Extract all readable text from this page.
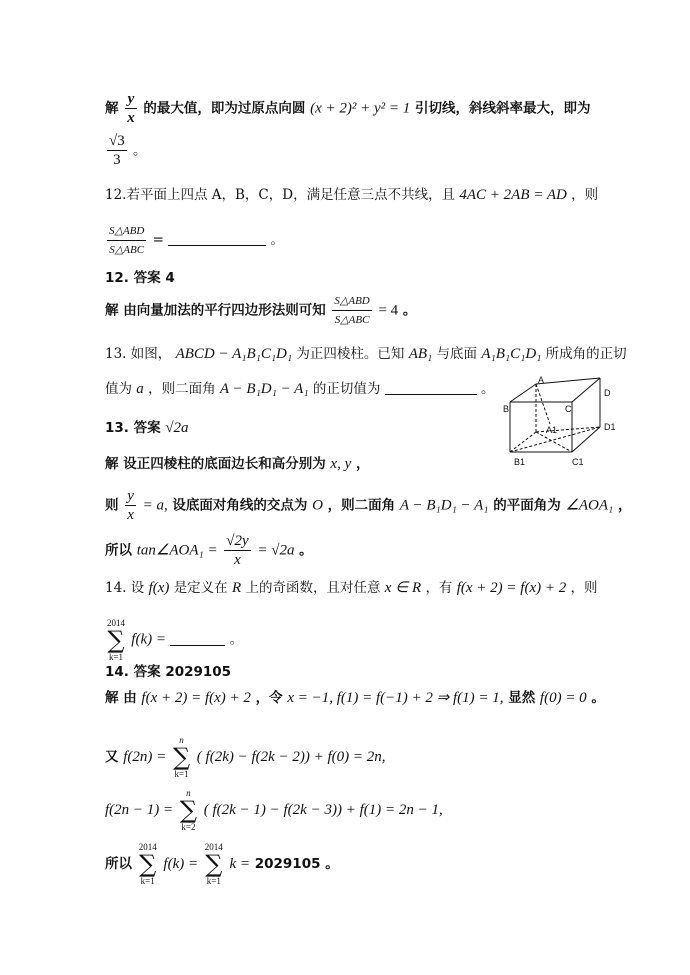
解 $\frac{y}{x}$ 的最大值，即为过原点向圆 (x + 2)² + y² = 1 引切线，斜线斜率最大，即为
$\frac{√3}{3}$ 。
12.若平面上四点 A，B，C，D，满足任意三点不共线，且 4AC + 2AB = AD ，则
$\frac{\text{S△ABD}}{\text{S△ABC}}$ =	。
12. 答案 4
解 由向量加法的平行四边形法则可知 $\frac{\text{S△ABD}}{\text{S△ABC}} = 4$ 。
13. 如图， ABCD − A₁B₁C₁D₁ 为正四棱柱。已知 AB₁ 与底面 A₁B₁C₁D₁ 所成角的正切
值为 a ，则二面角 A − B₁D₁ − A₁ 的正切值为	。
13. 答案 √2a
解 设正四棱柱的底面边长和高分别为 x, y ，
则 $\frac{y}{x} = a$, 设底面对角线的交点为 O ，则二面角 A − B₁D₁ − A₁ 的平面角为 ∠AOA₁ ，
所以 tan∠AOA₁ = $\frac{√2y}{x} = √2a$ 。
A
B	C
D
A1	D1
B1	C1
14. 设 f(x) 是定义在 R 上的奇函数，且对任意 x ∈ R ，有 f(x + 2) = f(x) + 2 ，则
2014
∑
k=1
f(k) =	。
14. 答案 2029105
解 由 f(x + 2) = f(x) + 2 ，令 x = −1, f(1) = f(−1) + 2 ⇒ f(1) = 1, 显然 f(0) = 0 。
又 f(2n) =
n
∑
k=1
( f(2k) − f(2k − 2)) + f(0) = 2n,
f(2n − 1) =
n
∑
k=2
( f(2k − 1) − f(2k − 3)) + f(1) = 2n − 1,
所以
2014
∑
k=1
f(k) =
2014
∑
k=1
k = 2029105 。
